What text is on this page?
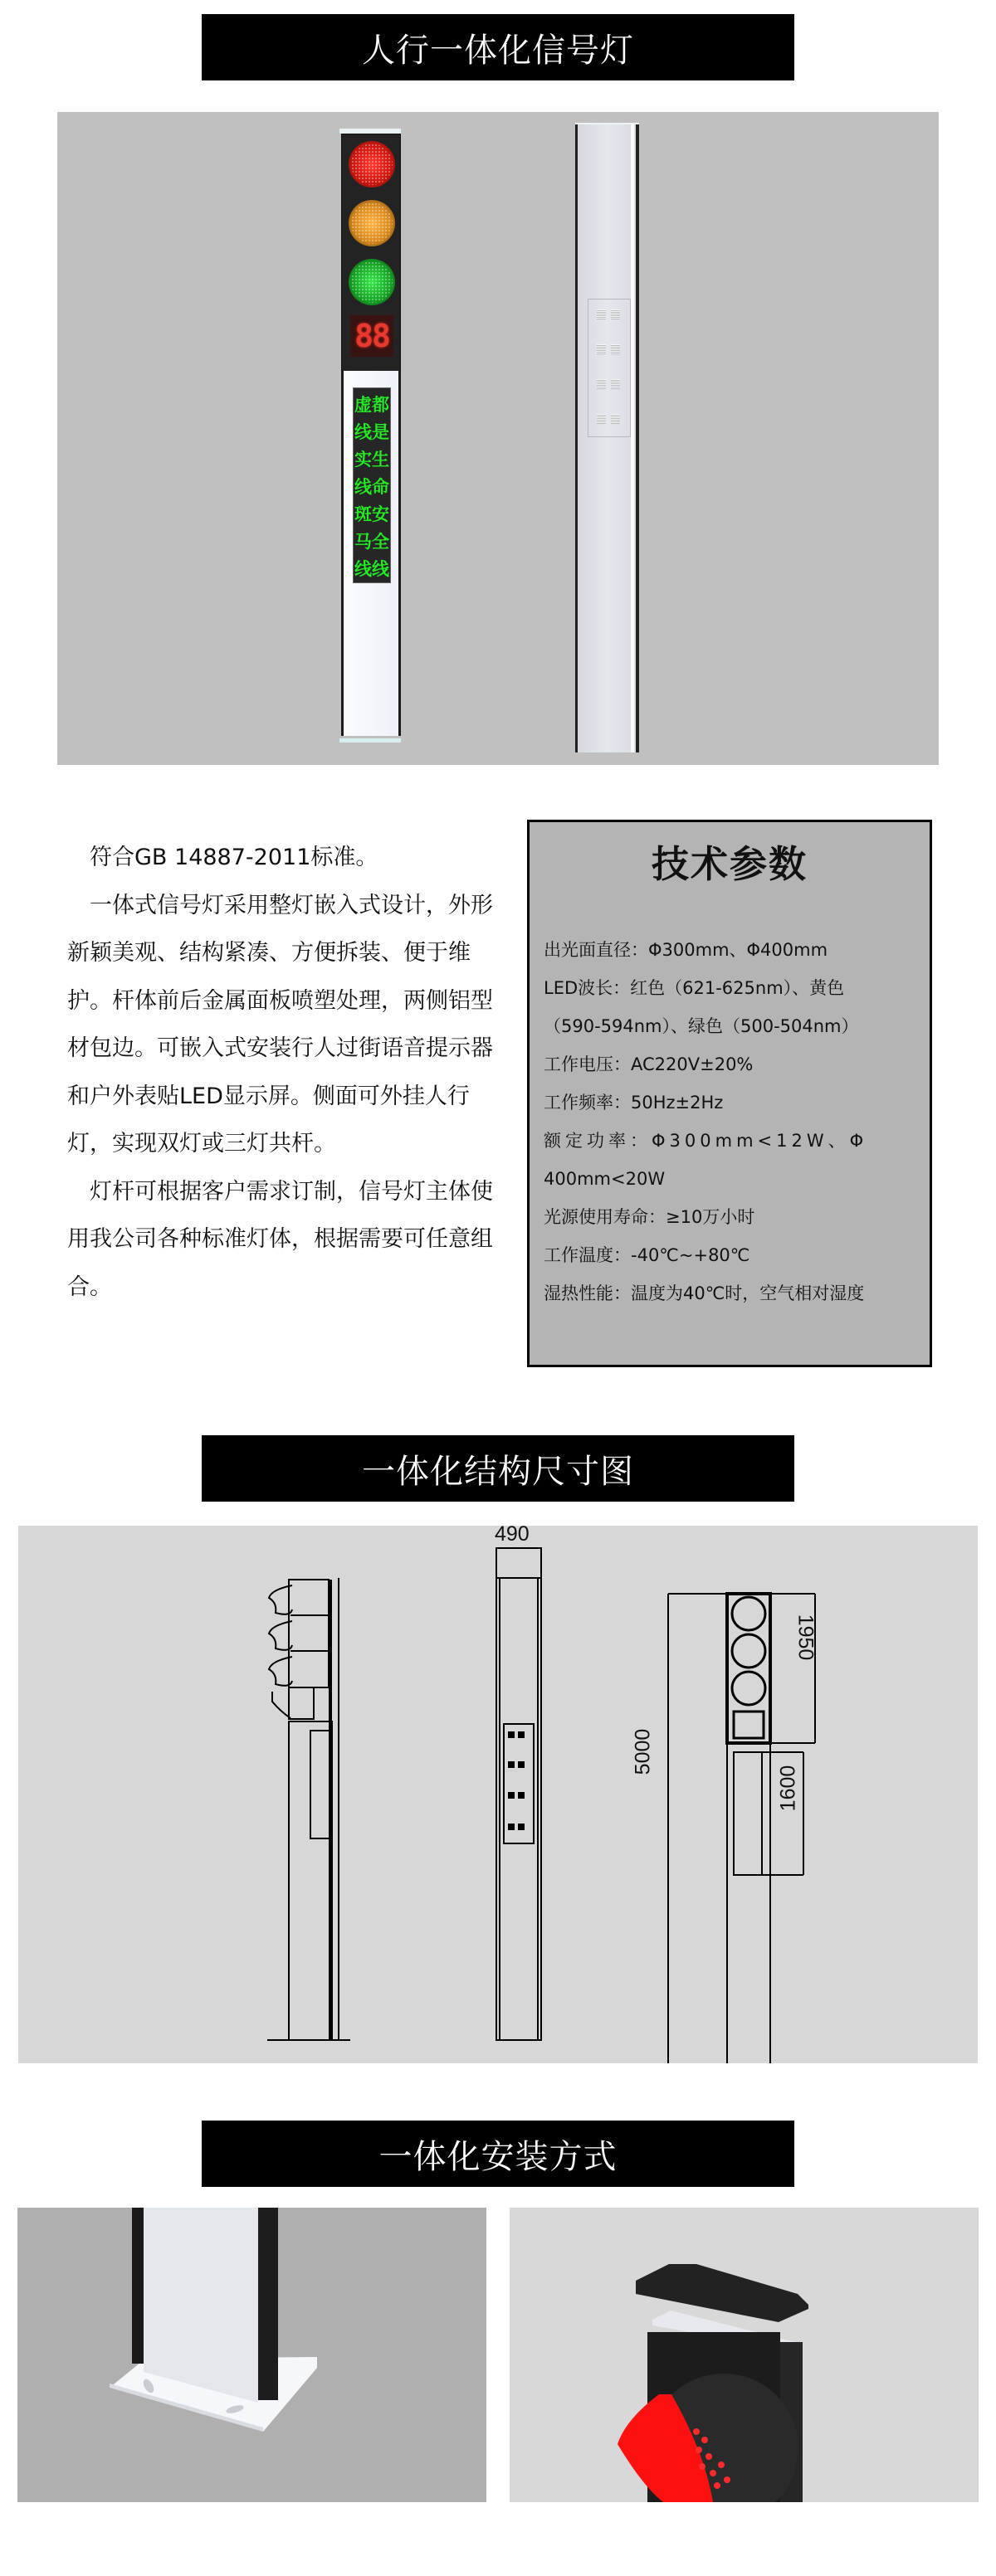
人行一体化信号灯
88
虚都
线是
实生
线命
斑安
马全
线线

符合GB 14887-2011标准。

一体式信号灯采用整灯嵌入式设计，外形新颖美观、结构紧凑、方便拆装、便于维护。杆体前后金属面板喷塑处理，两侧铝型材包边。可嵌入式安装行人过街语音提示器和户外表贴LED显示屏。侧面可外挂人行灯，实现双灯或三灯共杆。

灯杆可根据客户需求订制，信号灯主体使用我公司各种标准灯体，根据需要可任意组合。

技术参数
出光面直径：Φ300mm、Φ400mm
LED波长：红色（621-625nm）、黄色
（590-594nm）、绿色（500-504nm）
工作电压：AC220V±20%
工作频率：50Hz±2Hz
额定功率：Φ300mm<12W、Φ
400mm<20W
光源使用寿命：≥10万小时
工作温度：-40℃~+80℃
湿热性能：温度为40℃时，空气相对湿度
一体化结构尺寸图
490
5000
1950
1600
一体化安装方式
